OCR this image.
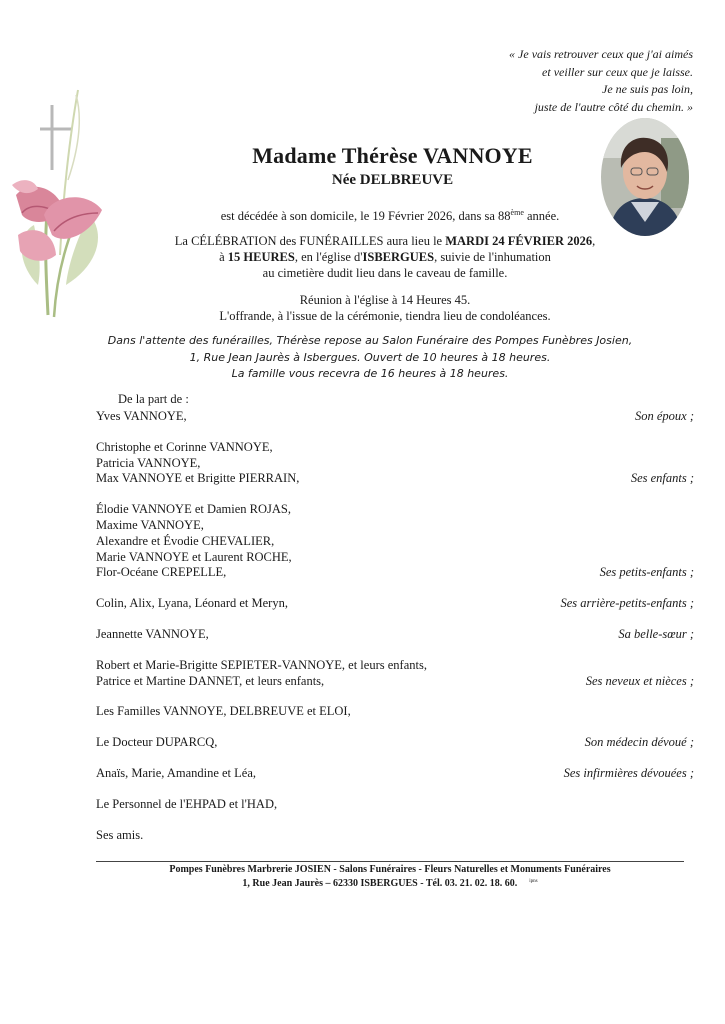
« Je vais retrouver ceux que j'ai aimés
et veiller sur ceux que je laisse.
Je ne suis pas loin,
juste de l'autre côté du chemin. »
Madame Thérèse VANNOYE
Née DELBREUVE
est décédée à son domicile, le 19 Février 2026, dans sa 88ème année.
La CÉLÉBRATION des FUNÉRAILLES aura lieu le MARDI 24 FÉVRIER 2026,
à 15 HEURES, en l'église d'ISBERGUES, suivie de l'inhumation
au cimetière dudit lieu dans le caveau de famille.
Réunion à l'église à 14 Heures 45.
L'offrande, à l'issue de la cérémonie, tiendra lieu de condoléances.
Dans l'attente des funérailles, Thérèse repose au Salon Funéraire des Pompes Funèbres Josien,
1, Rue Jean Jaurès à Isbergues. Ouvert de 10 heures à 18 heures.
La famille vous recevra de 16 heures à 18 heures.
De la part de :
Yves VANNOYE,	Son époux ;
Christophe et Corinne VANNOYE,
Patricia VANNOYE,
Max VANNOYE et Brigitte PIERRAIN,	Ses enfants ;
Élodie VANNOYE et Damien ROJAS,
Maxime VANNOYE,
Alexandre et Évodie CHEVALIER,
Marie VANNOYE et Laurent ROCHE,
Flor-Océane CREPELLE,	Ses petits-enfants ;
Colin, Alix, Lyana, Léonard et Meryn,	Ses arrière-petits-enfants ;
Jeannette VANNOYE,	Sa belle-sœur ;
Robert et Marie-Brigitte SEPIETER-VANNOYE, et leurs enfants,
Patrice et Martine DANNET, et leurs enfants,	Ses neveux et nièces ;
Les Familles VANNOYE, DELBREUVE et ELOI,
Le Docteur DUPARCQ,	Son médecin dévoué ;
Anaïs, Marie, Amandine et Léa,	Ses infirmières dévouées ;
Le Personnel de l'EHPAD et l'HAD,
Ses amis.
Pompes Funèbres Marbrerie JOSIEN - Salons Funéraires - Fleurs Naturelles et Monuments Funéraires
1, Rue Jean Jaurès – 62330 ISBERGUES - Tél. 03. 21. 02. 18. 60. $^{ipns}$
